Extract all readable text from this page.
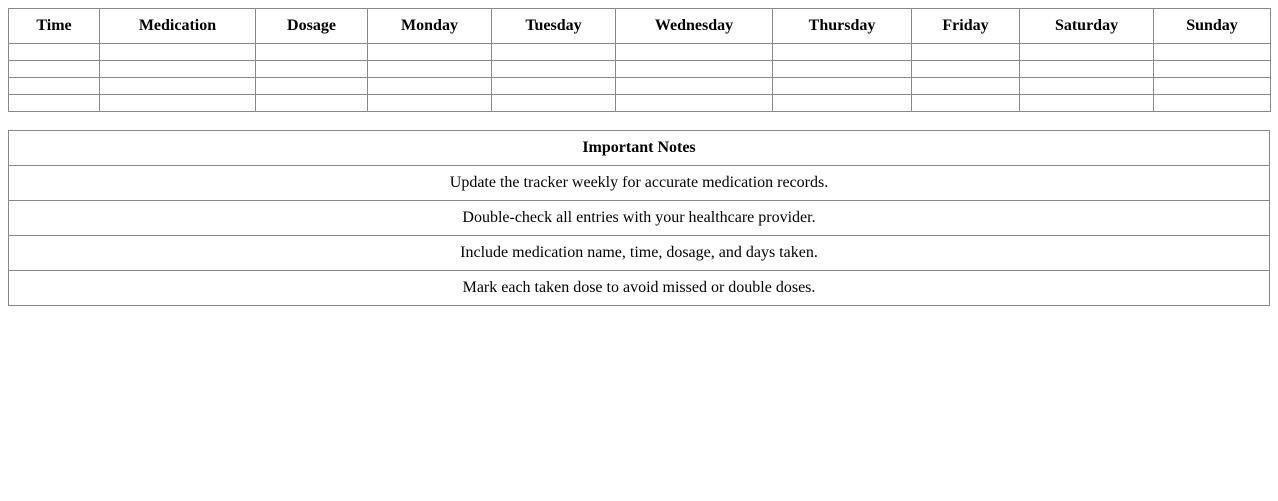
Time	Medication	Dosage	Monday	Tuesday	Wednesday	Thursday	Friday	Saturday	Sunday

Important Notes
Update the tracker weekly for accurate medication records.
Double-check all entries with your healthcare provider.
Include medication name, time, dosage, and days taken.
Mark each taken dose to avoid missed or double doses.
